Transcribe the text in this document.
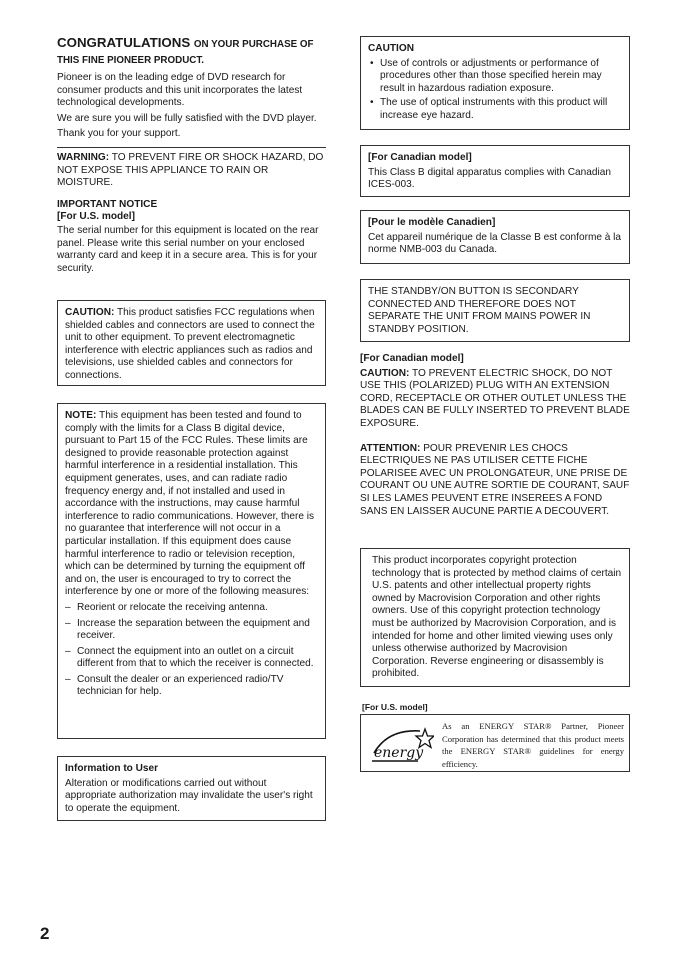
CONGRATULATIONS ON YOUR PURCHASE OF THIS FINE PIONEER PRODUCT.

Pioneer is on the leading edge of DVD research for consumer products and this unit incorporates the latest technological developments.

We are sure you will be fully satisfied with the DVD player.

Thank you for your support.

WARNING: TO PREVENT FIRE OR SHOCK HAZARD, DO NOT EXPOSE THIS APPLIANCE TO RAIN OR MOISTURE.

IMPORTANT NOTICE

[For U.S. model]

The serial number for this equipment is located on the rear panel. Please write this serial number on your enclosed warranty card and keep it in a secure area. This is for your security.

CAUTION: This product satisfies FCC regulations when shielded cables and connectors are used to connect the unit to other equipment. To prevent electromagnetic interference with electric appliances such as radios and televisions, use shielded cables and connectors for connections.

NOTE: This equipment has been tested and found to comply with the limits for a Class B digital device, pursuant to Part 15 of the FCC Rules. These limits are designed to provide reasonable protection against harmful interference in a residential installation. This equipment generates, uses, and can radiate radio frequency energy and, if not installed and used in accordance with the instructions, may cause harmful interference to radio communications. However, there is no guarantee that interference will not occur in a particular installation. If this equipment does cause harmful interference to radio or television reception, which can be determined by turning the equipment off and on, the user is encouraged to try to correct the interference by one or more of the following measures:

– Reorient or relocate the receiving antenna.
– Increase the separation between the equipment and receiver.
– Connect the equipment into an outlet on a circuit different from that to which the receiver is connected.
– Consult the dealer or an experienced radio/TV technician for help.

Information to User

Alteration or modifications carried out without appropriate authorization may invalidate the user's right to operate the equipment.

CAUTION

• Use of controls or adjustments or performance of procedures other than those specified herein may result in hazardous radiation exposure.
• The use of optical instruments with this product will increase eye hazard.

[For Canadian model]

This Class B digital apparatus complies with Canadian ICES-003.

[Pour le modèle Canadien]

Cet appareil numérique de la Classe B est conforme à la norme NMB-003 du Canada.

THE STANDBY/ON BUTTON IS SECONDARY CONNECTED AND THEREFORE DOES NOT SEPARATE THE UNIT FROM MAINS POWER IN STANDBY POSITION.

[For Canadian model]

CAUTION: TO PREVENT ELECTRIC SHOCK, DO NOT USE THIS (POLARIZED) PLUG WITH AN EXTENSION CORD, RECEPTACLE OR OTHER OUTLET UNLESS THE BLADES CAN BE FULLY INSERTED TO PREVENT BLADE EXPOSURE.

ATTENTION: POUR PREVENIR LES CHOCS ELECTRIQUES NE PAS UTILISER CETTE FICHE POLARISEE AVEC UN PROLONGATEUR, UNE PRISE DE COURANT OU UNE AUTRE SORTIE DE COURANT, SAUF SI LES LAMES PEUVENT ETRE INSEREES A FOND SANS EN LAISSER AUCUNE PARTIE A DECOUVERT.

This product incorporates copyright protection technology that is protected by method claims of certain U.S. patents and other intellectual property rights owned by Macrovision Corporation and other rights owners. Use of this copyright protection technology must be authorized by Macrovision Corporation, and is intended for home and other limited viewing uses only unless otherwise authorized by Macrovision Corporation. Reverse engineering or disassembly is prohibited.

[For U.S. model]

energy

As an ENERGY STAR® Partner, Pioneer Corporation has determined that this product meets the ENERGY STAR® guidelines for energy efficiency.

2
